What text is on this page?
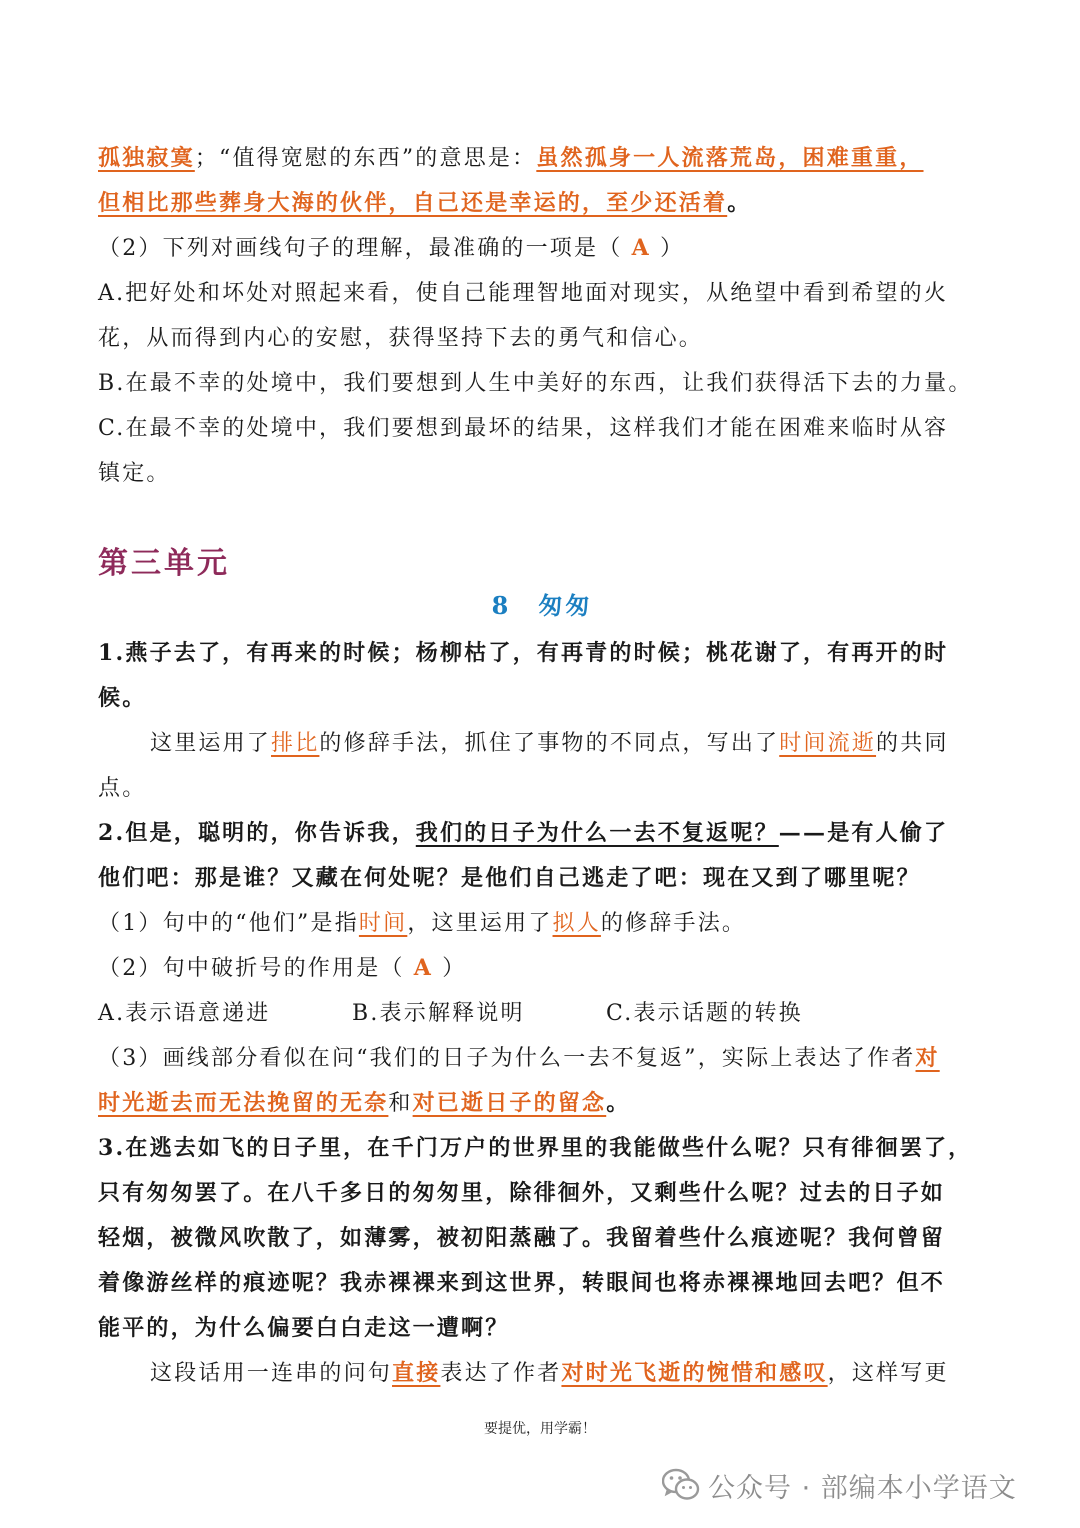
孤独寂寞；“值得宽慰的东西”的意思是：虽然孤身一人流落荒岛，困难重重，
但相比那些葬身大海的伙伴，自己还是幸运的，至少还活着。
（2）下列对画线句子的理解，最准确的一项是（ A ）
A.把好处和坏处对照起来看，使自己能理智地面对现实，从绝望中看到希望的火
花，从而得到内心的安慰，获得坚持下去的勇气和信心。
B.在最不幸的处境中，我们要想到人生中美好的东西，让我们获得活下去的力量。
C.在最不幸的处境中，我们要想到最坏的结果，这样我们才能在困难来临时从容
镇定。
第三单元
8　匆匆
1.燕子去了，有再来的时候；杨柳枯了，有再青的时候；桃花谢了，有再开的时
候。
这里运用了排比的修辞手法，抓住了事物的不同点，写出了时间流逝的共同
点。
2.但是，聪明的，你告诉我，我们的日子为什么一去不复返呢？——是有人偷了
他们吧：那是谁？又藏在何处呢？是他们自己逃走了吧：现在又到了哪里呢？
（1）句中的“他们”是指时间，这里运用了拟人的修辞手法。
（2）句中破折号的作用是（ A ）
A.表示语意递进	B.表示解释说明	C.表示话题的转换
（3）画线部分看似在问“我们的日子为什么一去不复返”，实际上表达了作者对
时光逝去而无法挽留的无奈和对已逝日子的留念。
3.在逃去如飞的日子里，在千门万户的世界里的我能做些什么呢？只有徘徊罢了，
只有匆匆罢了。在八千多日的匆匆里，除徘徊外，又剩些什么呢？过去的日子如
轻烟，被微风吹散了，如薄雾，被初阳蒸融了。我留着些什么痕迹呢？我何曾留
着像游丝样的痕迹呢？我赤裸裸来到这世界，转眼间也将赤裸裸地回去吧？但不
能平的，为什么偏要白白走这一遭啊？
这段话用一连串的问句直接表达了作者对时光飞逝的惋惜和感叹，这样写更
要提优，用学霸！
公众号 · 部编本小学语文
